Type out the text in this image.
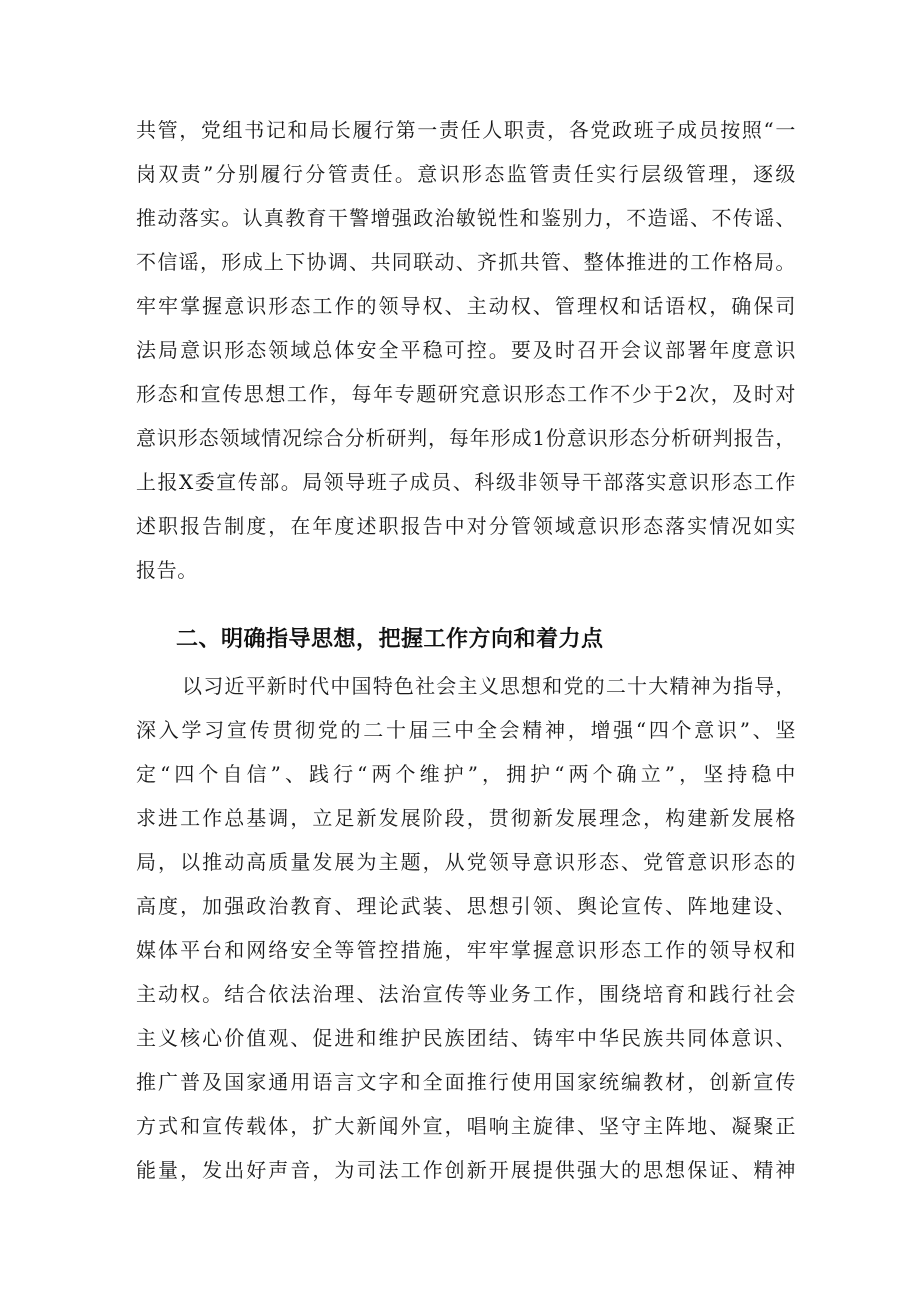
共管，党组书记和局长履行第一责任人职责，各党政班子成员按照“一
岗双责”分别履行分管责任。意识形态监管责任实行层级管理，逐级
推动落实。认真教育干警增强政治敏锐性和鉴别力，不造谣、不传谣、
不信谣，形成上下协调、共同联动、齐抓共管、整体推进的工作格局。
牢牢掌握意识形态工作的领导权、主动权、管理权和话语权，确保司
法局意识形态领域总体安全平稳可控。要及时召开会议部署年度意识
形态和宣传思想工作，每年专题研究意识形态工作不少于2次，及时对
意识形态领域情况综合分析研判，每年形成1份意识形态分析研判报告，
上报X委宣传部。局领导班子成员、科级非领导干部落实意识形态工作
述职报告制度，在年度述职报告中对分管领域意识形态落实情况如实
报告。
二、明确指导思想，把握工作方向和着力点
以习近平新时代中国特色社会主义思想和党的二十大精神为指导，
深入学习宣传贯彻党的二十届三中全会精神，增强“四个意识”、坚
定“四个自信”、践行“两个维护”，拥护“两个确立”，坚持稳中
求进工作总基调，立足新发展阶段，贯彻新发展理念，构建新发展格
局，以推动高质量发展为主题，从党领导意识形态、党管意识形态的
高度，加强政治教育、理论武装、思想引领、舆论宣传、阵地建设、
媒体平台和网络安全等管控措施，牢牢掌握意识形态工作的领导权和
主动权。结合依法治理、法治宣传等业务工作，围绕培育和践行社会
主义核心价值观、促进和维护民族团结、铸牢中华民族共同体意识、
推广普及国家通用语言文字和全面推行使用国家统编教材，创新宣传
方式和宣传载体，扩大新闻外宣，唱响主旋律、坚守主阵地、凝聚正
能量，发出好声音，为司法工作创新开展提供强大的思想保证、精神
